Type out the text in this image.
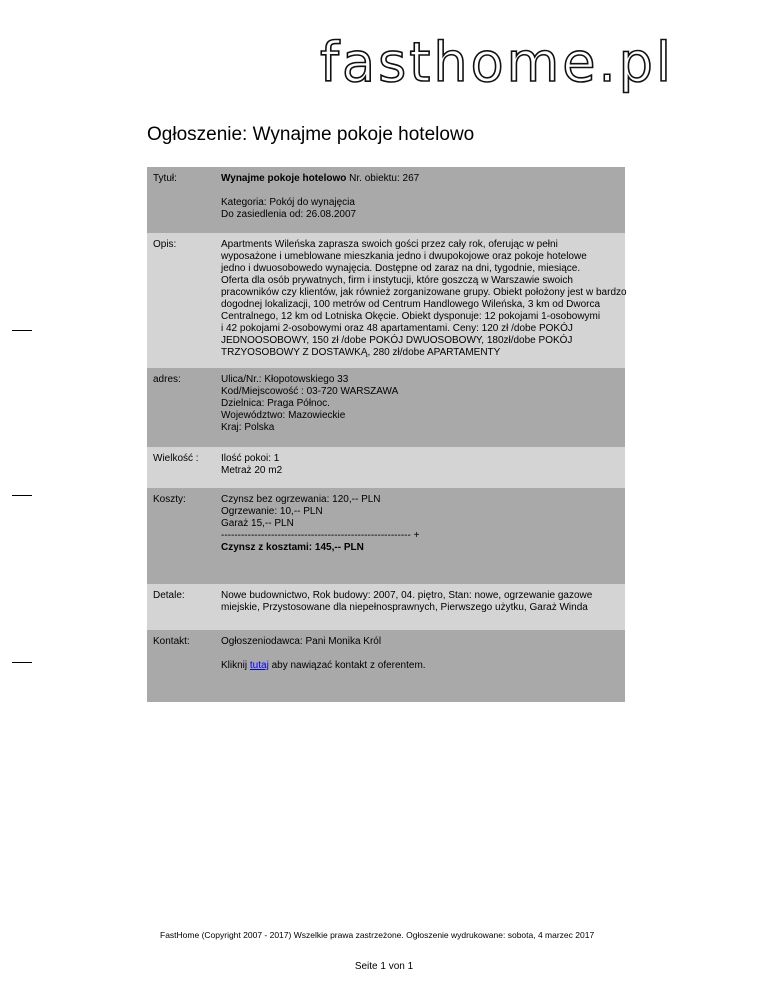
fasthome.pl
Ogłoszenie: Wynajme pokoje hotelowo
Tytuł:	Wynajme pokoje hotelowo Nr. obiektu: 267

Kategoria: Pokój do wynajęcia

Do zasiedlenia od: 26.08.2007

Opis:	Apartments Wileńska zaprasza swoich gości przez cały rok, oferując w pełni

wyposażone i umeblowane mieszkania jedno i dwupokojowe oraz pokoje hotelowe

jedno i dwuosobowedo wynajęcia. Dostępne od zaraz na dni, tygodnie, miesiące.

Oferta dla osób prywatnych, firm i instytucji, które goszczą w Warszawie swoich

pracowników czy klientów, jak również zorganizowane grupy. Obiekt położony jest w bardzo

dogodnej lokalizacji, 100 metrów od Centrum Handlowego Wileńska, 3 km od Dworca

Centralnego, 12 km od Lotniska Okęcie. Obiekt dysponuje: 12 pokojami 1-osobowymi

i 42 pokojami 2-osobowymi oraz 48 apartamentami. Ceny: 120 zł /dobe POKÓJ

JEDNOOSOBOWY, 150 zł /dobe POKÓJ DWUOSOBOWY, 180zł/dobe POKÓJ

TRZYOSOBOWY Z DOSTAWKĄ, 280 zł/dobe APARTAMENTY

adres:	Ulica/Nr.: Kłopotowskiego 33

Kod/Miejscowość : 03-720 WARSZAWA

Dzielnica: Praga Północ.

Województwo: Mazowieckie

Kraj: Polska

Wielkość :	Ilość pokoi: 1

Metraż 20 m2

Koszty:	Czynsz bez ogrzewania: 120,-- PLN

Ogrzewanie: 10,-- PLN

Garaż 15,-- PLN

--------------------------------------------------------- +

Czynsz z kosztami: 145,-- PLN

Detale:	Nowe budownictwo, Rok budowy: 2007, 04. piętro, Stan: nowe, ogrzewanie gazowe

miejskie, Przystosowane dla niepełnosprawnych, Pierwszego użytku, Garaż Winda

Kontakt:	Ogłoszeniodawca: Pani Monika Król

Kliknij tutaj aby nawiązać kontakt z oferentem.

FastHome (Copyright 2007 - 2017) Wszelkie prawa zastrzeżone. Ogłoszenie wydrukowane: sobota, 4 marzec 2017
Seite 1 von 1
